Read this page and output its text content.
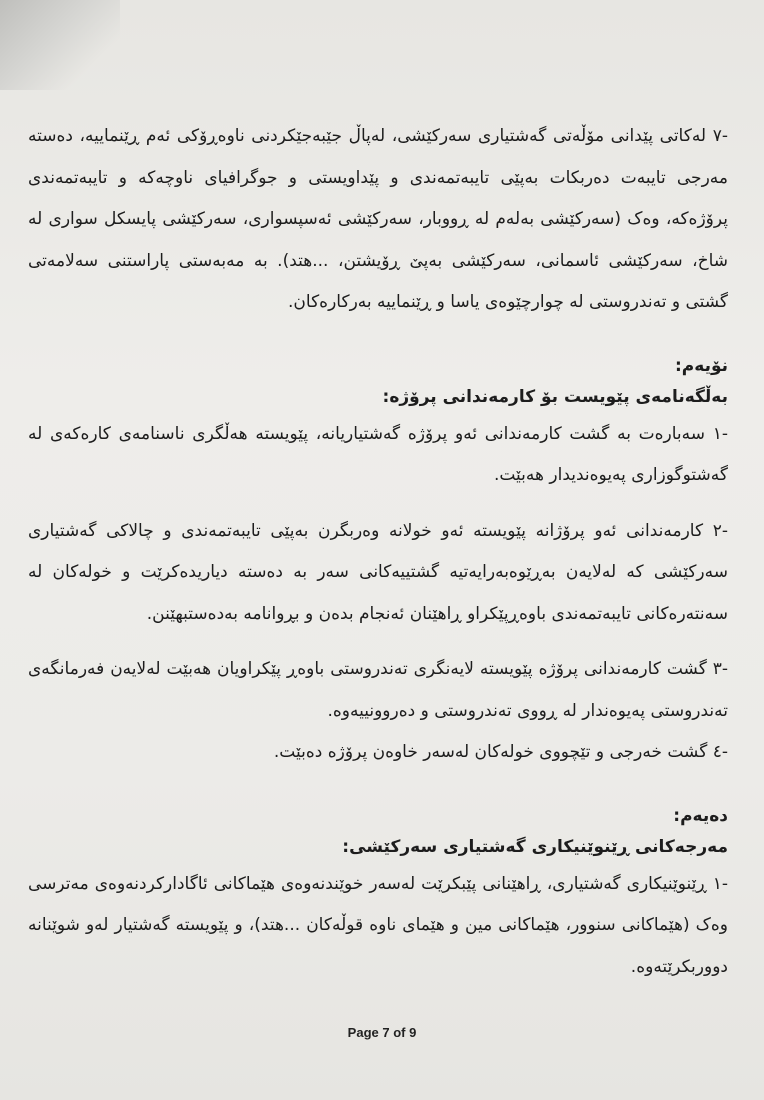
-٧ لەکاتی پێدانی مۆڵەتی گەشتیاری سەرکێشی، لەپاڵ جێبەجێکردنی ناوەڕۆکی ئەم ڕێنماییە، دەستە مەرجی تایبەت دەربکات بەپێی تایبەتمەندی و پێداویستی و جوگرافیای ناوچەکە و تایبەتمەندی پرۆژەکە، وەک (سەرکێشی بەلەم لە ڕووبار، سەرکێشی ئەسپسواری، سەرکێشی پایسکل سواری لە شاخ، سەرکێشی ئاسمانی، سەرکێشی بەپێ ڕۆیشتن، ...هتد). بە مەبەستی پاراستنی سەلامەتی گشتی و تەندروستی لە چوارچێوەی یاسا و ڕێنماییە بەرکارەکان.

نۆیەم:

بەڵگەنامەی پێویست بۆ کارمەندانی پرۆژە:

-١ سەبارەت بە گشت کارمەندانی ئەو پرۆژە گەشتیاریانە، پێویستە هەڵگری ناسنامەی کارەکەی لە گەشتوگوزاری پەیوەندیدار هەبێت.

-٢ کارمەندانی ئەو پرۆژانە پێویستە ئەو خولانە وەربگرن بەپێی تایبەتمەندی و چالاکی گەشتیاری سەرکێشی کە لەلایەن بەڕێوەبەرایەتیە گشتییەکانی سەر بە دەستە دیاریدەکرێت و خولەکان لە سەنتەرەکانی تایبەتمەندی باوەڕپێکراو ڕاهێنان ئەنجام بدەن و بڕوانامە بەدەستبهێنن.

-٣ گشت کارمەندانی پرۆژە پێویستە لایەنگری تەندروستی باوەڕ پێکراویان هەبێت لەلایەن فەرمانگەی تەندروستی پەیوەندار لە ڕووی تەندروستی و دەروونییەوە.

-٤ گشت خەرجی و تێچووی خولەکان لەسەر خاوەن پرۆژە دەبێت.

دەیەم:

مەرجەکانی ڕێنوێنیکاری گەشتیاری سەرکێشی:

-١ ڕێنوێنیکاری گەشتیاری، ڕاهێنانی پێبکرێت لەسەر خوێندنەوەی هێماکانی ئاگادارکردنەوەی مەترسی وەک (هێماکانی سنوور، هێماکانی مین و هێمای ناوە قوڵەکان ...هتد)، و پێویستە گەشتیار لەو شوێنانە دووربکرێتەوە.

Page 7 of 9
